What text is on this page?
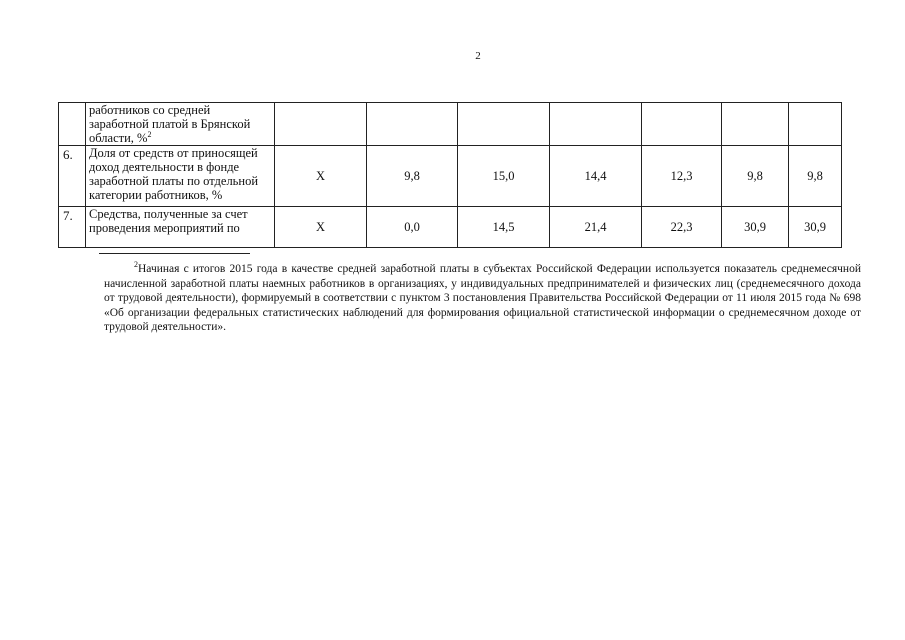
2
	работников со средней заработной платой в Брянской области, %$^2$							
6.	Доля от средств от приносящей доход деятельности в фонде заработной платы по отдельной категории работников, %	Х	9,8	15,0	14,4	12,3	9,8	9,8
7.	Средства, полученные за счет проведения мероприятий по	Х	0,0	14,5	21,4	22,3	30,9	30,9

$^2$Начиная с итогов 2015 года в качестве средней заработной платы в субъектах Российской Федерации используется показатель среднемесячной начисленной заработной платы наемных работников в организациях, у индивидуальных предпринимателей и физических лиц (среднемесячного дохода от трудовой деятельности), формируемый в соответствии с пунктом 3 постановления Правительства Российской Федерации от 11 июля 2015 года № 698 «Об организации федеральных статистических наблюдений для формирования официальной статистической информации о среднемесячном доходе от трудовой деятельности».
